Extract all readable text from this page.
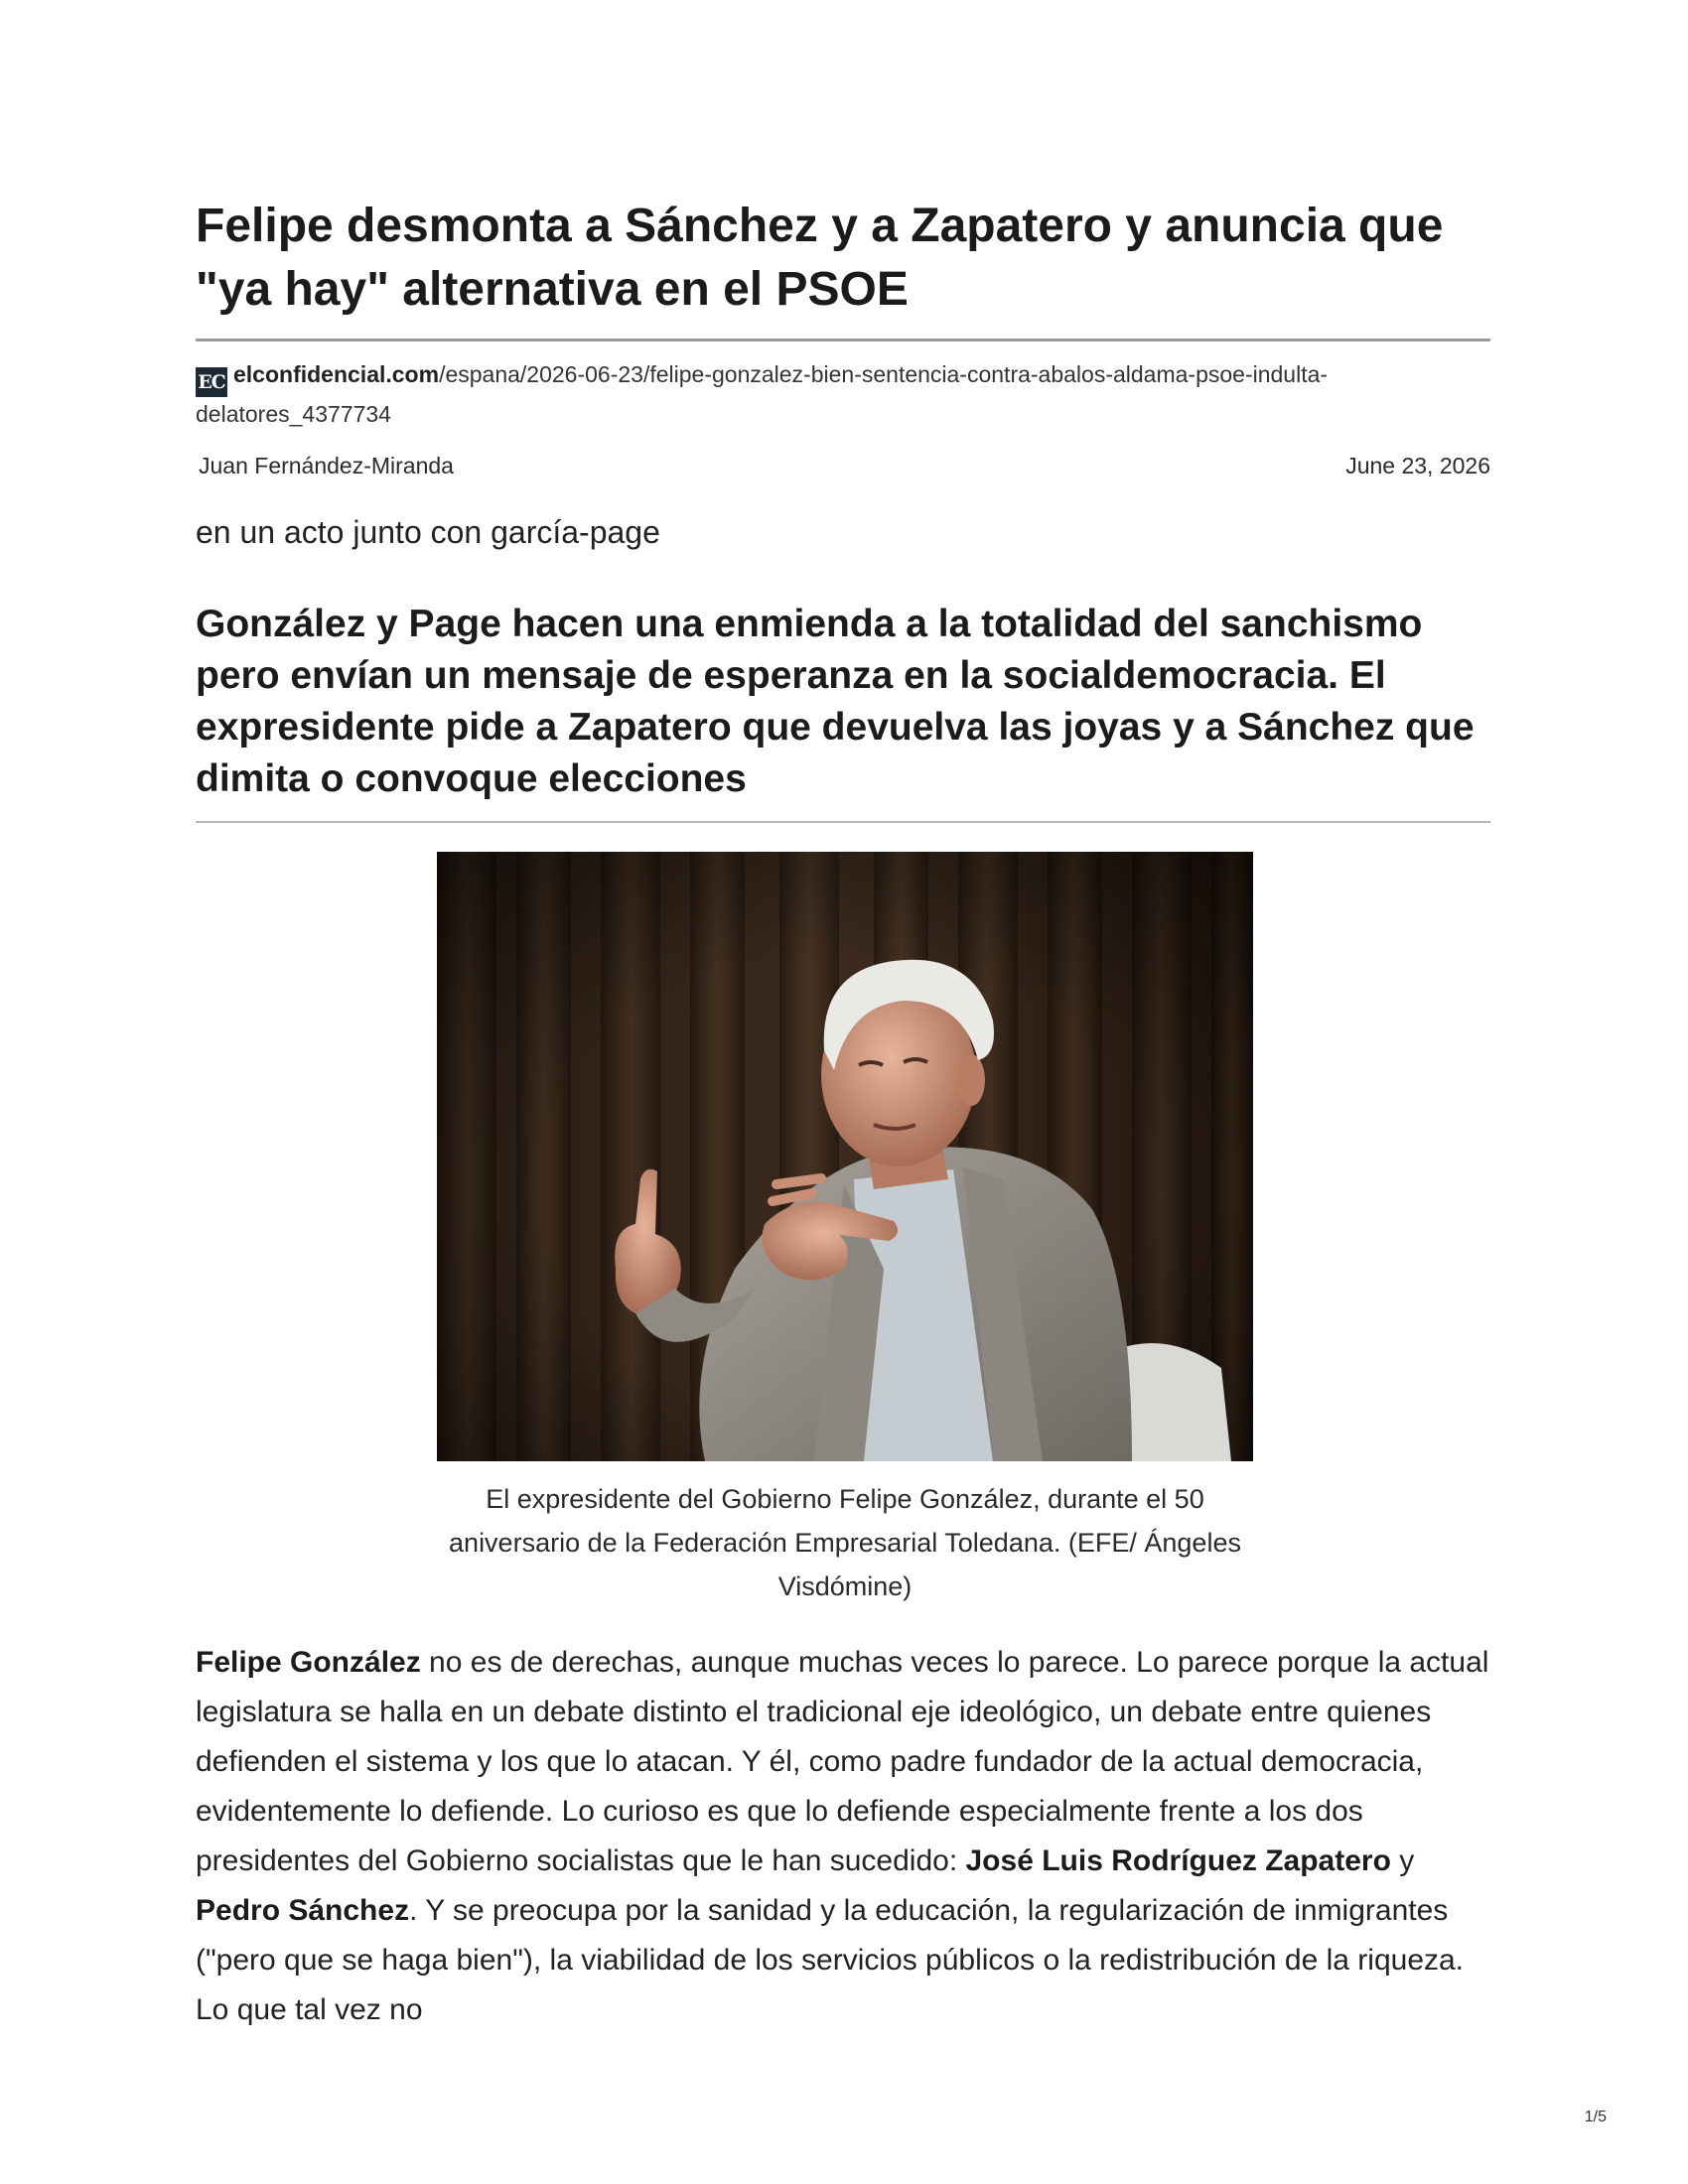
Felipe desmonta a Sánchez y a Zapatero y anuncia que "ya hay" alternativa en el PSOE
EC elconfidencial.com/espana/2026-06-23/felipe-gonzalez-bien-sentencia-contra-abalos-aldama-psoe-indulta-delatores_4377734
Juan Fernández-Miranda	June 23, 2026
en un acto junto con garcía-page
González y Page hacen una enmienda a la totalidad del sanchismo pero envían un mensaje de esperanza en la socialdemocracia. El expresidente pide a Zapatero que devuelva las joyas y a Sánchez que dimita o convoque elecciones
El expresidente del Gobierno Felipe González, durante el 50 aniversario de la Federación Empresarial Toledana. (EFE/ Ángeles Visdómine)

Felipe González no es de derechas, aunque muchas veces lo parece. Lo parece porque la actual legislatura se halla en un debate distinto el tradicional eje ideológico, un debate entre quienes defienden el sistema y los que lo atacan. Y él, como padre fundador de la actual democracia, evidentemente lo defiende. Lo curioso es que lo defiende especialmente frente a los dos presidentes del Gobierno socialistas que le han sucedido: José Luis Rodríguez Zapatero y Pedro Sánchez. Y se preocupa por la sanidad y la educación, la regularización de inmigrantes ("pero que se haga bien"), la viabilidad de los servicios públicos o la redistribución de la riqueza. Lo que tal vez no

1/5
